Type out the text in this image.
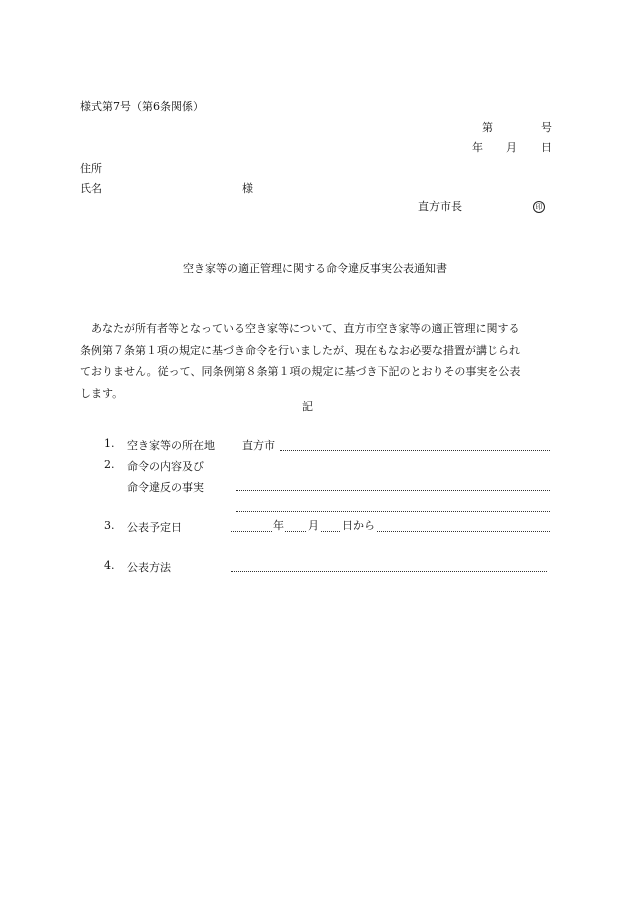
様式第7号（第6条関係）
第	号
年 月 日
住所
氏名	様
直方市長	印
空き家等の適正管理に関する命令違反事実公表通知書
あなたが所有者等となっている空き家等について、直方市空き家等の適正管理に関する
条例第７条第１項の規定に基づき命令を行いましたが、現在もなお必要な措置が講じられ
ておりません。従って、同条例第８条第１項の規定に基づき下記のとおりその事実を公表
します。
記
1. 空き家等の所在地 直方市
2. 命令の内容及び
命令違反の事実
3. 公表予定日	年 月 日から
4. 公表方法
